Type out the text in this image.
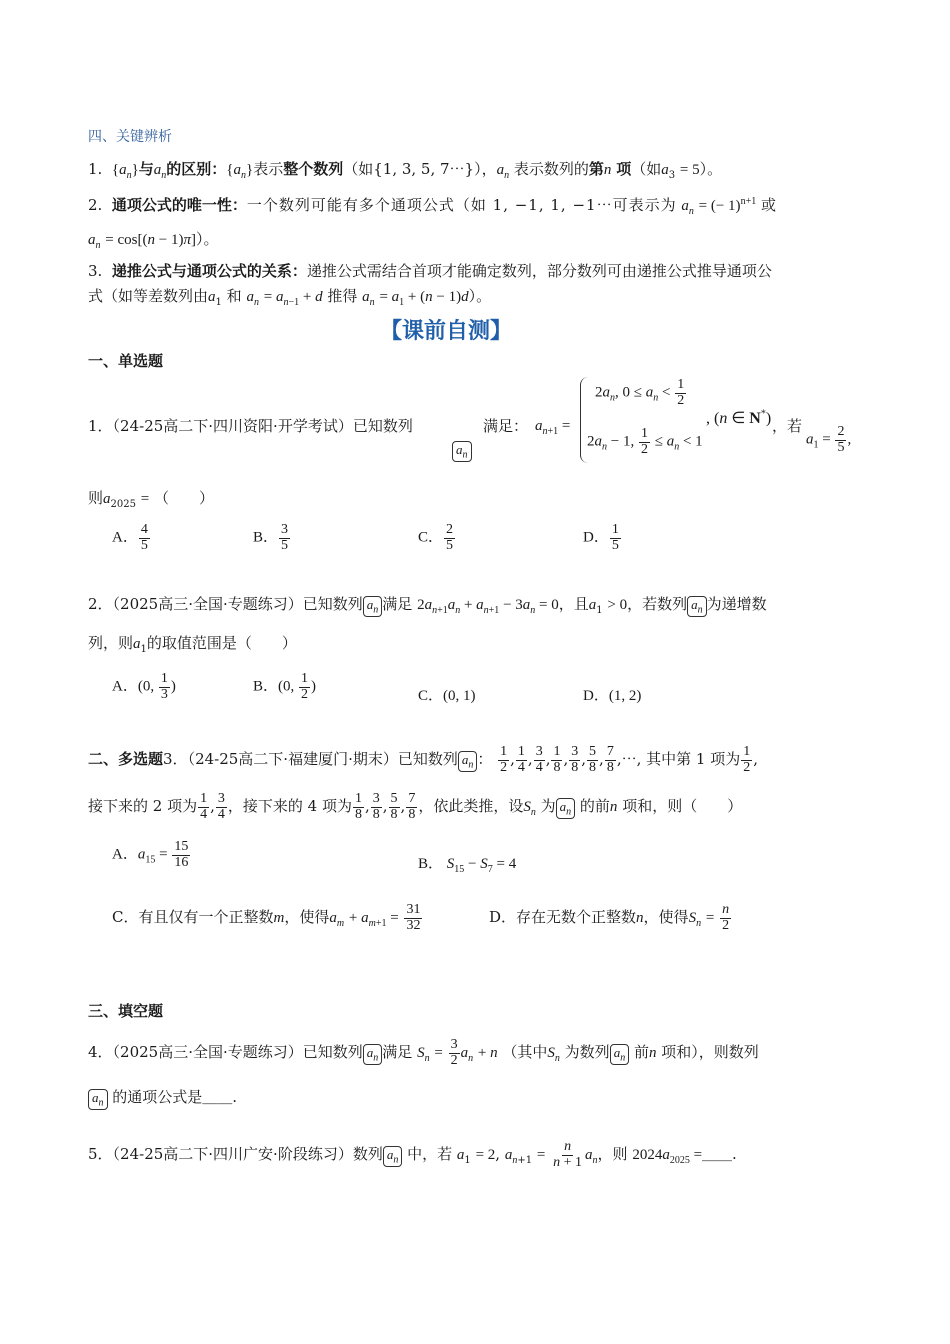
四、关键辨析
1. $\{a_n\}$与$a_n$的区别：$\{a_n\}$表示整个数列（如{1, 3, 5, 7⋯}），$a_n$ 表示数列的第n 项（如$a_3 = 5$）。
2. 通项公式的唯一性：一个数列可能有多个通项公式（如 1, −1, 1, −1⋯可表示为 $a_n$ = (− 1)$^{n+1}$ 或
$a_n = \cos[(n - 1)\pi]$）。
3. 递推公式与通项公式的关系：递推公式需结合首项才能确定数列，部分数列可由递推公式推导通项公
式（如等差数列由$a_1$ 和 $a_n = a_{n-1} + d$ 推得 $a_n = a_1 + (n - 1)d$）。
【课前自测】
一、单选题
1．（24-25高二下·四川资阳·开学考试）已知数列
$a_n$
满足： $a_{n+1}$ =
$2a_n$, $0 \le a_n < \frac{1}{2}$
$2a_n - 1$, $\frac{1}{2} \le a_n < 1$
, (n ∈ N*) ，若
$a_1 = \frac{2}{5}$ ,
则$a_{2025}$ = （　　）
A． $\frac{4}{5}$	B． $\frac{3}{5}$	C． $\frac{2}{5}$	D． $\frac{1}{5}$
2．（2025高三·全国·专题练习）已知数列 $a_n$ 满足 $2a_{n+1}a_n + a_{n+1} - 3a_n = 0$，且$a_1 > 0$，若数列 $a_n$ 为递增数
列，则$a_1$的取值范围是（　　）
A．(0, $\frac{1}{3}$ )	B．(0, $\frac{1}{2}$ )
C．(0, 1)	D．(1, 2)
二、多选题3．（24-25高二下·福建厦门·期末）已知数列 $a_n$ ： $\frac{1}{2}$ , $\frac{1}{4}$ , $\frac{3}{4}$ , $\frac{1}{8}$ , $\frac{3}{8}$ , $\frac{5}{8}$ , $\frac{7}{8}$ ,⋯, 其中第 1 项为 $\frac{1}{2}$ ,
接下来的 2 项为 $\frac{1}{4}$ , $\frac{3}{4}$ ，接下来的 4 项为 $\frac{1}{8}$ , $\frac{3}{8}$ , $\frac{5}{8}$ , $\frac{7}{8}$ ，依此类推，设$S_n$ 为 $a_n$ 的前n 项和，则（　　）
A．$a_{15} = \frac{15}{16}$	B． $S_{15} - S_7 = 4$
C．有且仅有一个正整数m，使得$a_m + a_{m+1} = \frac{31}{32}$	D．存在无数个正整数n，使得$S_n = \frac{n}{2}$
三、填空题
4．（2025高三·全国·专题练习）已知数列 $a_n$ 满足 $S_n = \frac{3}{2} a_n + n$ （其中$S_n$ 为数列 $a_n$ 前n 项和），则数列
$a_n$ 的通项公式是＿＿.
5．（24-25高二下·四川广安·阶段练习）数列 $a_n$ 中，若 $a_1 = 2$, $a_{n+1} = \frac{n}{n + 1} a_n$，则 $2024a_{2025}$ =＿＿.
